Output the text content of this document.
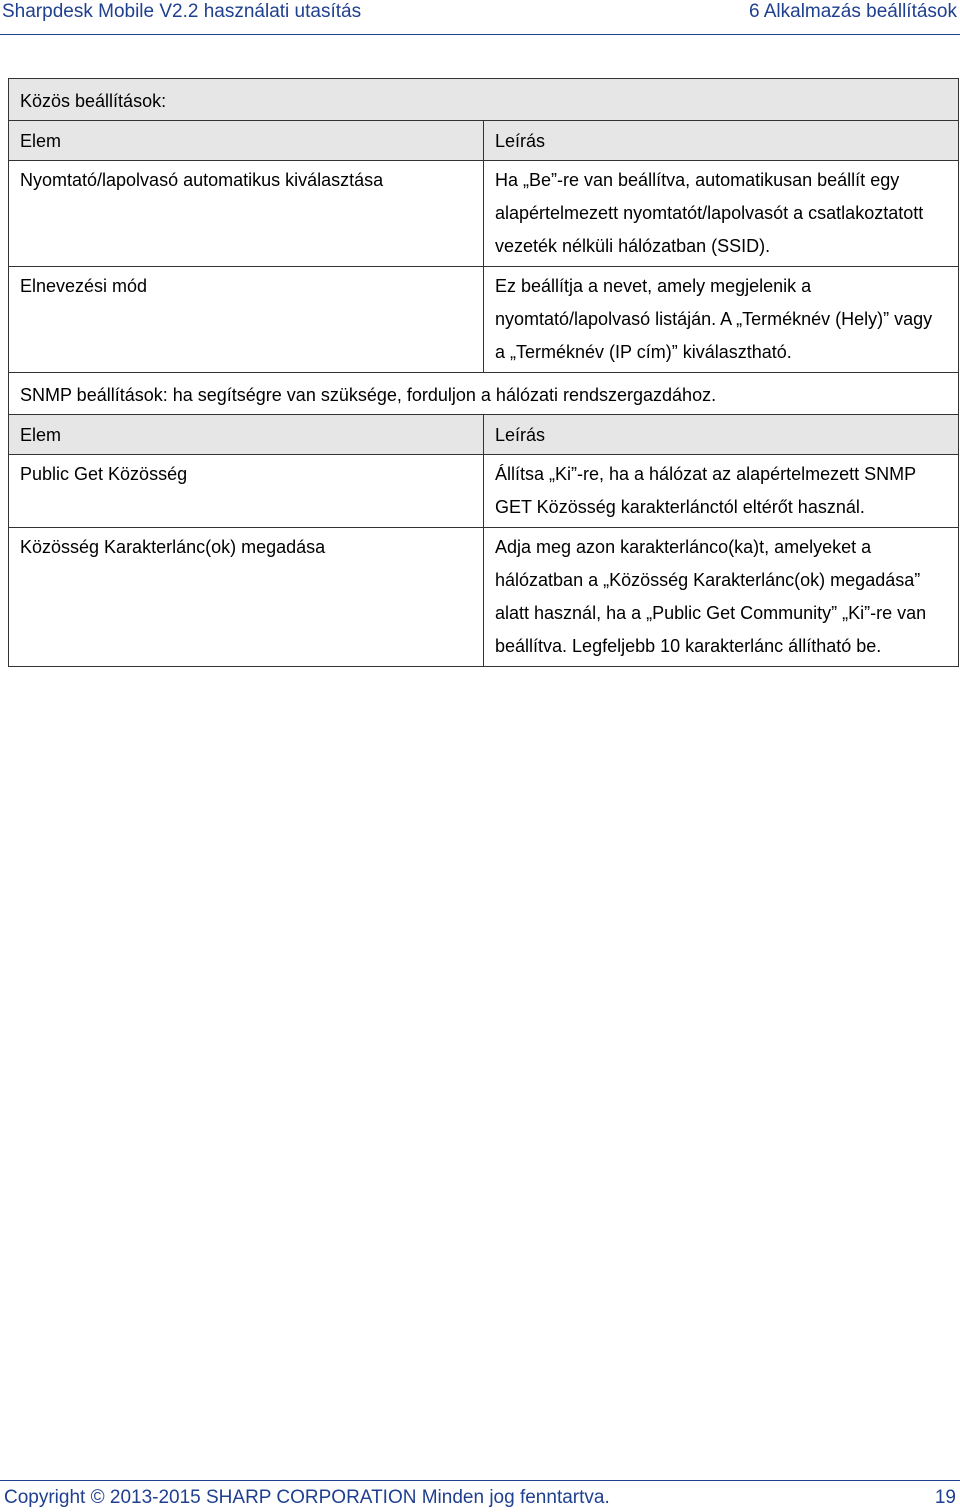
Sharpdesk Mobile V2.2 használati utasítás	6 Alkalmazás beállítások
Közös beállítások:	
Elem	Leírás
Nyomtató/lapolvasó automatikus kiválasztása	Ha „Be”-re van beállítva, automatikusan beállít egy alapértelmezett nyomtatót/lapolvasót a csatlakoztatott vezeték nélküli hálózatban (SSID).
Elnevezési mód	Ez beállítja a nevet, amely megjelenik a nyomtató/lapolvasó listáján. A „Terméknév (Hely)” vagy a „Terméknév (IP cím)” kiválasztható.
SNMP beállítások: ha segítségre van szüksége, forduljon a hálózati rendszergazdához.	
Elem	Leírás
Public Get Közösség	Állítsa „Ki”-re, ha a hálózat az alapértelmezett SNMP GET Közösség karakterlánctól eltérőt használ.
Közösség Karakterlánc(ok) megadása	Adja meg azon karakterlánco(ka)t, amelyeket a hálózatban a „Közösség Karakterlánc(ok) megadása” alatt használ, ha a „Public Get Community” „Ki”-re van beállítva. Legfeljebb 10 karakterlánc állítható be.
Copyright © 2013-2015 SHARP CORPORATION Minden jog fenntartva.	19
